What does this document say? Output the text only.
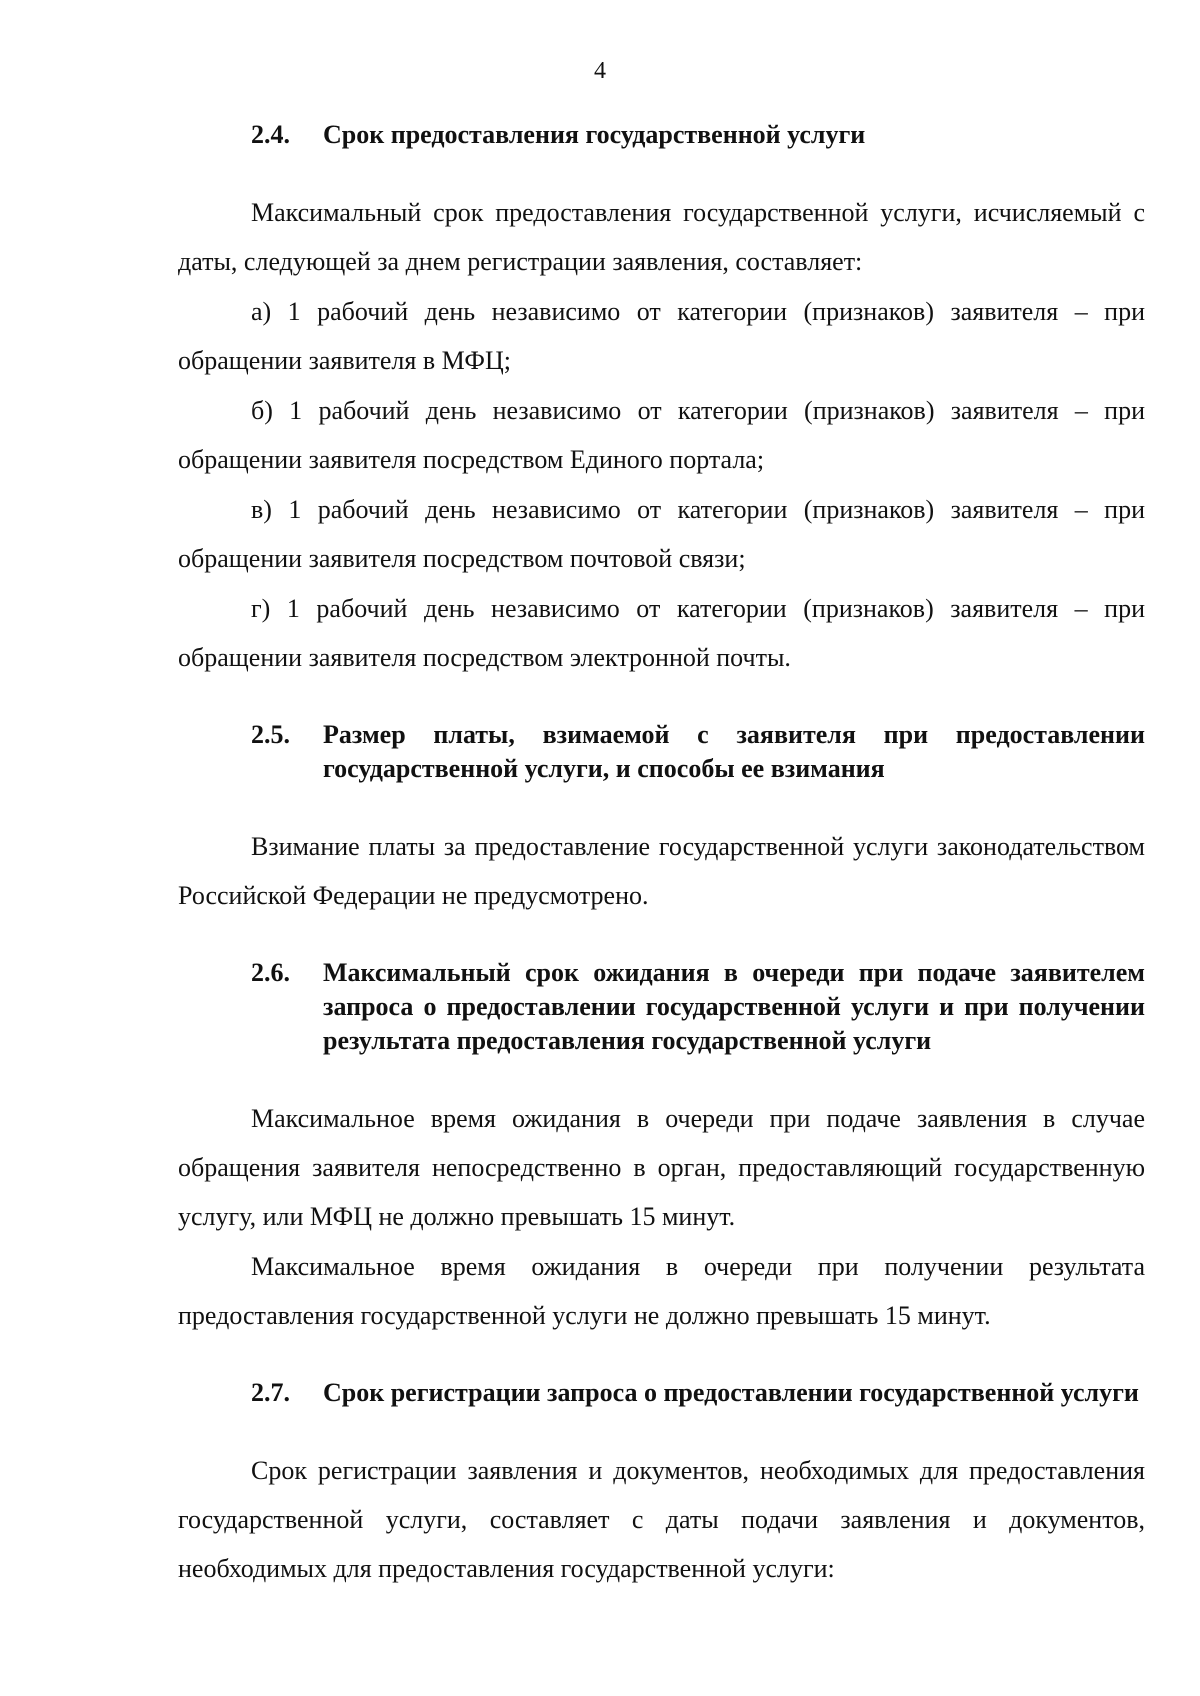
4
2.4.	Срок предоставления государственной услуги

Максимальный срок предоставления государственной услуги, исчисляемый с даты, следующей за днем регистрации заявления, составляет:

а) 1 рабочий день независимо от категории (признаков) заявителя – при обращении заявителя в МФЦ;

б) 1 рабочий день независимо от категории (признаков) заявителя – при обращении заявителя посредством Единого портала;

в) 1 рабочий день независимо от категории (признаков) заявителя – при обращении заявителя посредством почтовой связи;

г) 1 рабочий день независимо от категории (признаков) заявителя – при обращении заявителя посредством электронной почты.

2.5.	Размер платы, взимаемой с заявителя при предоставлении государственной услуги, и способы ее взимания

Взимание платы за предоставление государственной услуги законодательством Российской Федерации не предусмотрено.

2.6.	Максимальный срок ожидания в очереди при подаче заявителем запроса о предоставлении государственной услуги и при получении результата предоставления государственной услуги

Максимальное время ожидания в очереди при подаче заявления в случае обращения заявителя непосредственно в орган, предоставляющий государственную услугу, или МФЦ не должно превышать 15 минут.

Максимальное время ожидания в очереди при получении результата предоставления государственной услуги не должно превышать 15 минут.

2.7.	Срок регистрации запроса о предоставлении государственной услуги

Срок регистрации заявления и документов, необходимых для предоставления государственной услуги, составляет с даты подачи заявления и документов, необходимых для предоставления государственной услуги:
